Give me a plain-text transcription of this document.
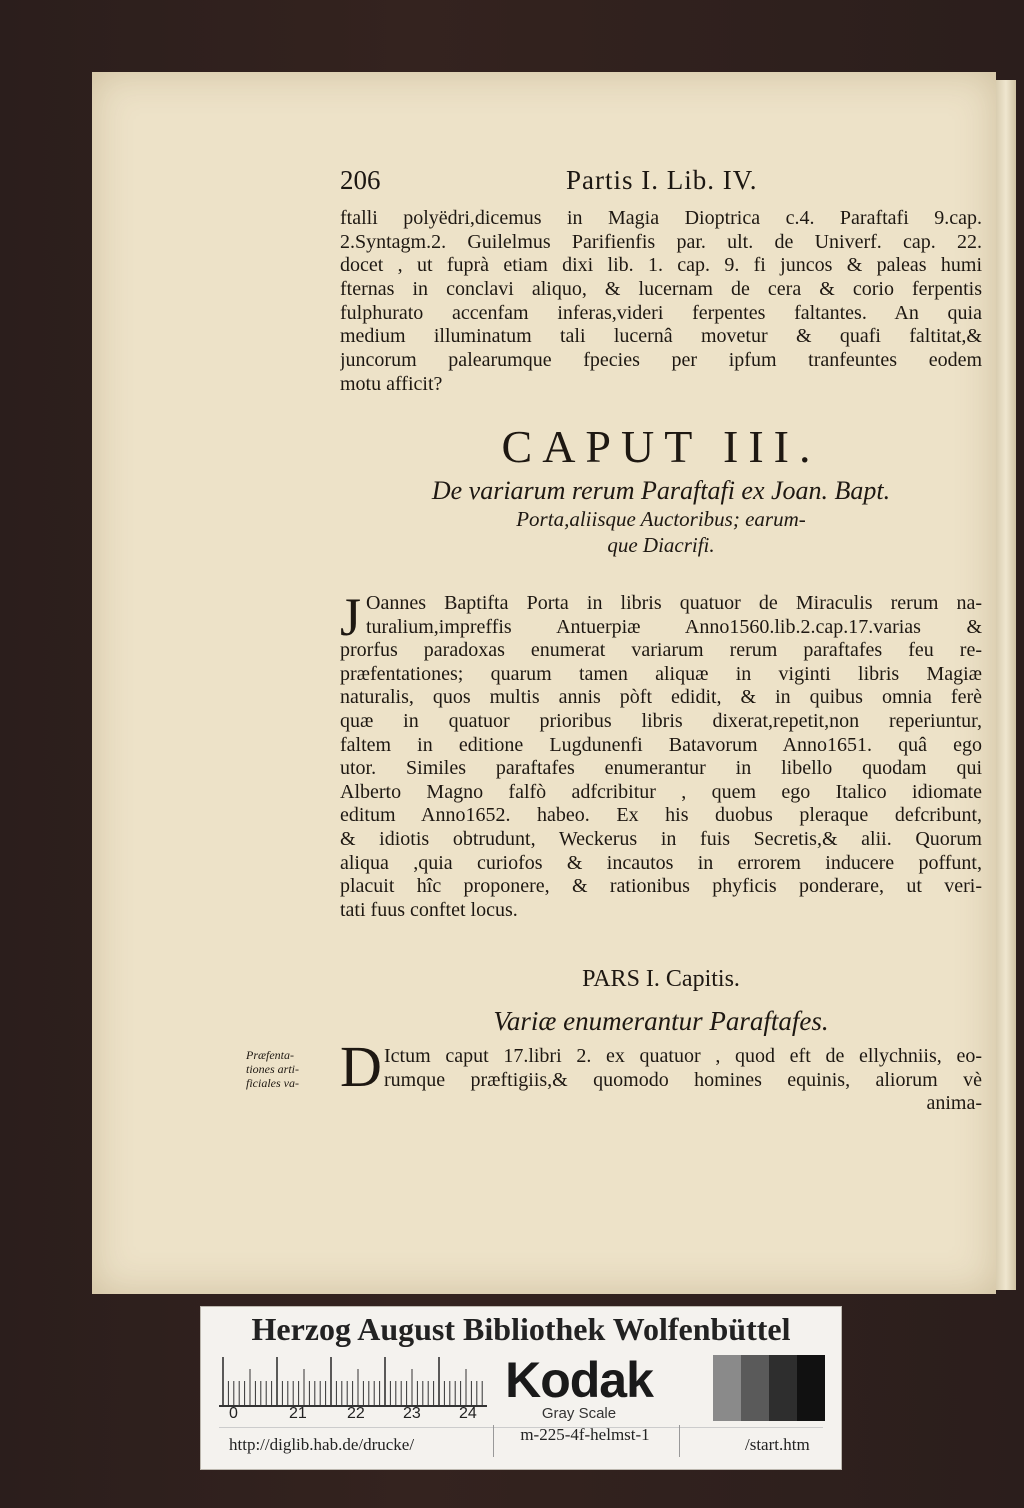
206	Partis I. Lib. IV.
ftalli polyëdri,dicemus in Magia Dioptrica c.4. Paraftafi 9.cap.
2.Syntagm.2. Guilelmus Parifienfis par. ult. de Univerf. cap. 22.
docet , ut fuprà etiam dixi lib. 1. cap. 9. fi juncos & paleas humi
fternas in conclavi aliquo, & lucernam de cera & corio ferpentis
fulphurato accenfam inferas,videri ferpentes faltantes. An quia
medium illuminatum tali lucernâ movetur & quafi faltitat,&
juncorum palearumque fpecies per ipfum tranfeuntes eodem
motu afficit?
CAPUT III.
De variarum rerum Paraftafi ex Joan. Bapt.
Porta,aliisque Auctoribus; earum-
que Diacrifi.
J Oannes Baptifta Porta in libris quatuor de Miraculis rerum na-
turalium,impreffis Antuerpiæ Anno1560.lib.2.cap.17.varias &
prorfus paradoxas enumerat variarum rerum paraftafes feu re-
præfentationes; quarum tamen aliquæ in viginti libris Magiæ
naturalis, quos multis annis pòft edidit, & in quibus omnia ferè
quæ in quatuor prioribus libris dixerat,repetit,non reperiuntur,
faltem in editione Lugdunenfi Batavorum Anno1651. quâ ego
utor. Similes paraftafes enumerantur in libello quodam qui
Alberto Magno falfò adfcribitur , quem ego Italico idiomate
editum Anno1652. habeo. Ex his duobus pleraque defcribunt,
& idiotis obtrudunt, Weckerus in fuis Secretis,& alii. Quorum
aliqua ,quia curiofos & incautos in errorem inducere poffunt,
placuit hîc proponere, & rationibus phyficis ponderare, ut veri-
tati fuus conftet locus.
PARS I. Capitis.
Variæ enumerantur Paraftafes.
Præfenta-
tiones arti-
ficiales va- D Ictum caput 17.libri 2. ex quatuor , quod eft de ellychniis, eo-
rumque præftigiis,& quomodo homines equinis, aliorum vè
anima-
Herzog August Bibliothek Wolfenbüttel
0	21	22 23 24
Kodak
Gray Scale
http://diglib.hab.de/drucke/
m-225-4f-helmst-1
/start.htm
